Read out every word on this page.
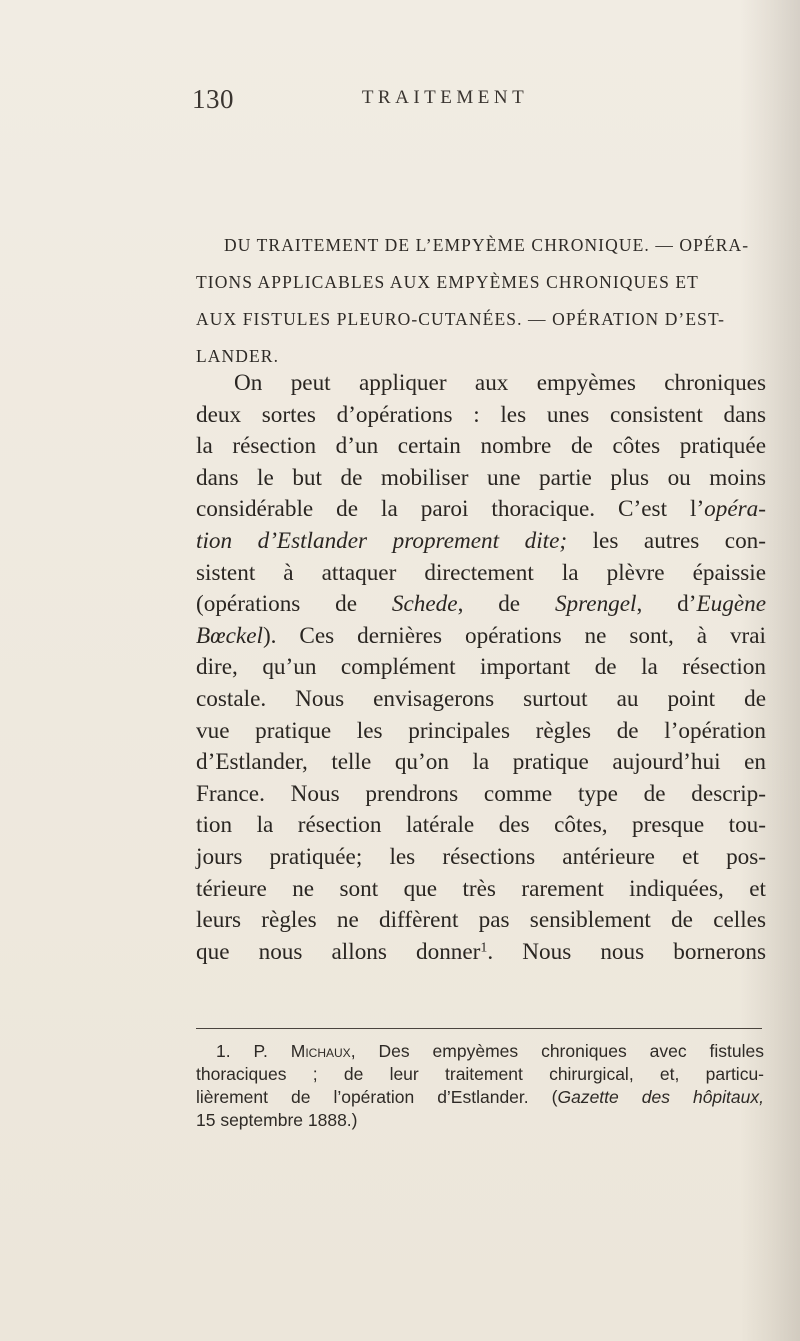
130	TRAITEMENT
DU TRAITEMENT DE L’EMPYÈME CHRONIQUE. — OPÉRA-
TIONS APPLICABLES AUX EMPYÈMES CHRONIQUES ET
AUX FISTULES PLEURO-CUTANÉES. — OPÉRATION D’EST-
LANDER.
On peut appliquer aux empyèmes chroniques
deux sortes d’opérations : les unes consistent dans
la résection d’un certain nombre de côtes pratiquée
dans le but de mobiliser une partie plus ou moins
considérable de la paroi thoracique. C’est l’opéra-
tion d’Estlander proprement dite; les autres con-
sistent à attaquer directement la plèvre épaissie
(opérations de Schede, de Sprengel, d’Eugène
Bœckel). Ces dernières opérations ne sont, à vrai
dire, qu’un complément important de la résection
costale. Nous envisagerons surtout au point de
vue pratique les principales règles de l’opération
d’Estlander, telle qu’on la pratique aujourd’hui en
France. Nous prendrons comme type de descrip-
tion la résection latérale des côtes, presque tou-
jours pratiquée; les résections antérieure et pos-
térieure ne sont que très rarement indiquées, et
leurs règles ne diffèrent pas sensiblement de celles
que nous allons donner$^1$. Nous nous bornerons
1. P. Michaux, Des empyèmes chroniques avec fistules
thoraciques ; de leur traitement chirurgical, et, particu-
lièrement de l’opération d’Estlander. (Gazette des hôpitaux,
15 septembre 1888.)
